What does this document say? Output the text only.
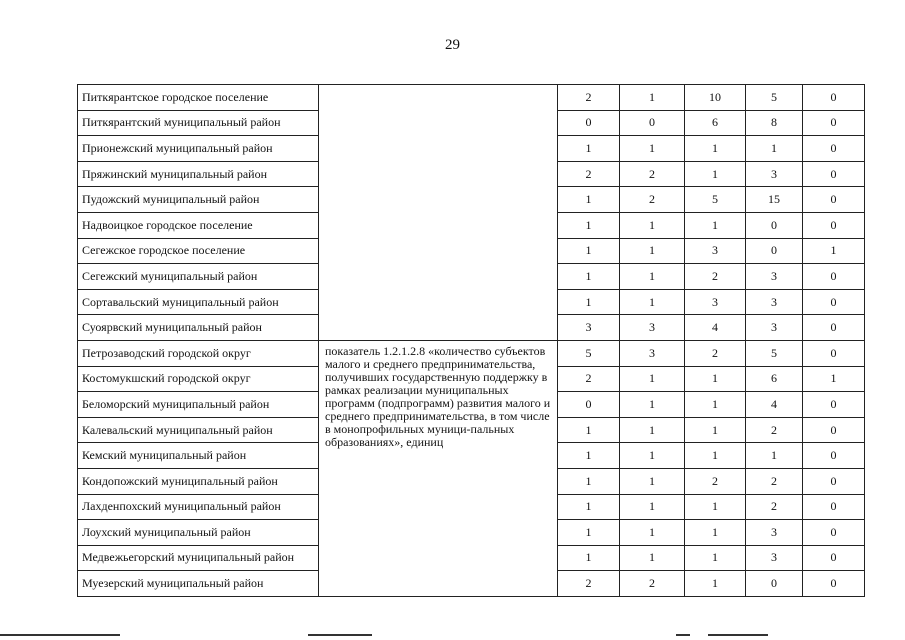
29
Питкярантское городское поселение		2	1	10	5	0
Питкярантский муниципальный район		0	0	6	8	0
Прионежский муниципальный район		1	1	1	1	0
Пряжинский муниципальный район		2	2	1	3	0
Пудожский муниципальный район		1	2	5	15	0
Надвоицкое городское поселение		1	1	1	0	0
Сегежское городское поселение		1	1	3	0	1
Сегежский муниципальный район		1	1	2	3	0
Сортавальский муниципальный район		1	1	3	3	0
Суоярвский муниципальный район		3	3	4	3	0
Петрозаводский городской округ	показатель 1.2.1.2.8 «количество субъектов малого и среднего предпринимательства, получивших государственную поддержку в рамках реализации муниципальных программ (подпрограмм) развития малого и среднего предпринимательства, в том числе в монопрофильных муници-пальных образованиях», единиц	5	3	2	5	0
Костомукшский городской округ		2	1	1	6	1
Беломорский муниципальный район		0	1	1	4	0
Калевальский муниципальный район		1	1	1	2	0
Кемский муниципальный район		1	1	1	1	0
Кондопожский муниципальный район		1	1	2	2	0
Лахденпохский муниципальный район		1	1	1	2	0
Лоухский муниципальный район		1	1	1	3	0
Медвежьегорский муниципальный район		1	1	1	3	0
Муезерский муниципальный район		2	2	1	0	0
